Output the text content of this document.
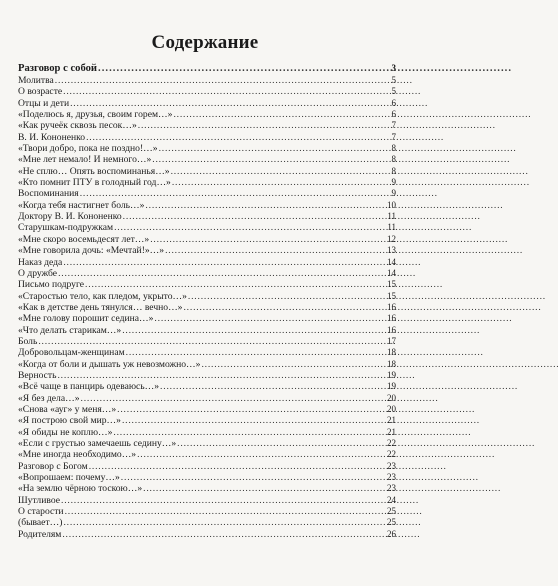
Содержание
Разговор с собой . . .	3
Молитва . . .	5
О возрасте . . .	5
Отцы и дети . . .	6
«Поделюсь я, друзья, своим горем…» . . .	6
«Как ручеёк сквозь песок…» . . .	7
В. И. Кононенко . . .	7
«Твори добро, пока не поздно!…» . . .	8
«Мне лет немало! И немного…» . . .	8
«Не сплю… Опять воспоминанья…» . . .	8
«Кто помнит ПТУ в голодный год…» . . .	9
Воспоминания . . .	9
«Когда тебя настигнет боль…» . . .	10
Доктору В. И. Кононенко . . .	11
Старушкам-подружкам . . .	11
«Мне скоро восемьдесят лет…» . . .	12
«Мне говорила дочь: «Мечтай!»…» . . .	13
Наказ деда . . .	14
О дружбе . . .	14
Письмо подруге . . .	15
«Старостью тело, как пледом, укрыто…» . . .	15
«Как в детстве день тянулся… вечно…» . . .	16
«Мне голову порошит седина…» . . .	16
«Что делать старикам…» . . .	16
Боль . . .	17
Добровольцам-женщинам . . .	18
«Когда от боли и дышать уж невозможно…» . . .	18
Верность . . .	19
«Всё чаще в панцирь одеваюсь…» . . .	19
«Я без дела…» . . .	20
«Снова «ауг» у меня…» . . .	20
«Я построю свой мир…» . . .	21
«Я обиды не коплю…» . . .	21
«Если с грустью замечаешь седину…» . . .	22
«Мне иногда необходимо…» . . .	22
Разговор с Богом . . .	23
«Вопрошаем: почему…» . . .	23
«На землю чёрною тоскою…» . . .	23
Шутливое . . .	24
О старости . . .	25
(бывает…) . . .	25
Родителям . . .	26
